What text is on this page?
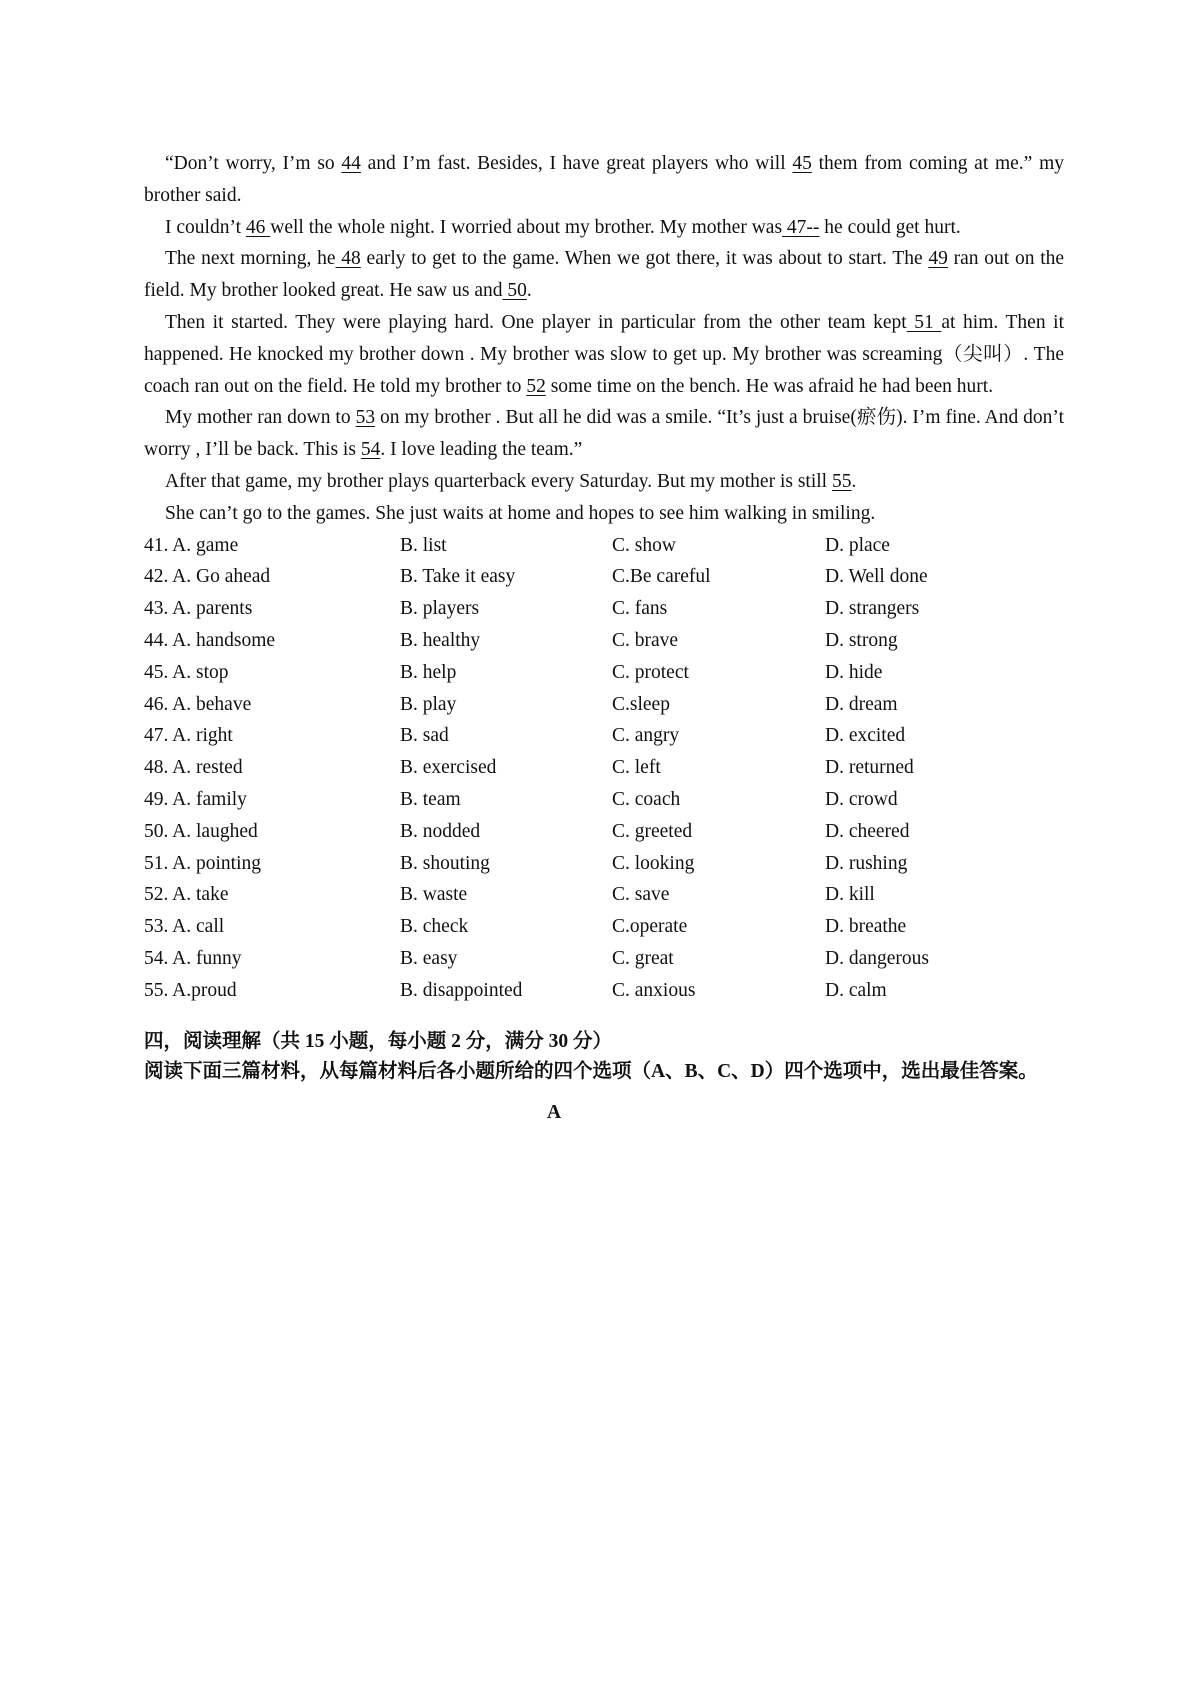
“Don’t worry, I’m so 44 and I’m fast. Besides, I have great players who will 45 them from coming at me.” my brother said.

I couldn’t 46 well the whole night. I worried about my brother. My mother was 47-- he could get hurt.

The next morning, he 48 early to get to the game. When we got there, it was about to start. The 49 ran out on the field. My brother looked great. He saw us and 50.

Then it started. They were playing hard. One player in particular from the other team kept 51 at him. Then it happened. He knocked my brother down . My brother was slow to get up. My brother was screaming（尖叫）. The coach ran out on the field. He told my brother to 52 some time on the bench. He was afraid he had been hurt.

My mother ran down to 53 on my brother . But all he did was a smile. “It’s just a bruise(瘀伤). I’m fine. And don’t worry , I’ll be back. This is 54. I love leading the team.”

After that game, my brother plays quarterback every Saturday. But my mother is still 55.

She can’t go to the games. She just waits at home and hopes to see him walking in smiling.

41. A. game	B. list	C. show	D. place
42. A. Go ahead	B. Take it easy	C.Be careful	D. Well done
43. A. parents	B. players	C. fans	D. strangers
44. A. handsome	B. healthy	C. brave	D. strong
45. A. stop	B. help	C. protect	D. hide
46. A. behave	B. play	C.sleep	D. dream
47. A. right	B. sad	C. angry	D. excited
48. A. rested	B. exercised	C. left	D. returned
49. A. family	B. team	C. coach	D. crowd
50. A. laughed	B. nodded	C. greeted	D. cheered
51. A. pointing	B. shouting	C. looking	D. rushing
52. A. take	B. waste	C. save	D. kill
53. A. call	B. check	C.operate	D. breathe
54. A. funny	B. easy	C. great	D. dangerous
55. A.proud	B. disappointed	C. anxious	D. calm

四，阅读理解（共 15 小题，每小题 2 分，满分 30 分）

阅读下面三篇材料，从每篇材料后各小题所给的四个选项（A、B、C、D）四个选项中，选出最佳答案。

A
